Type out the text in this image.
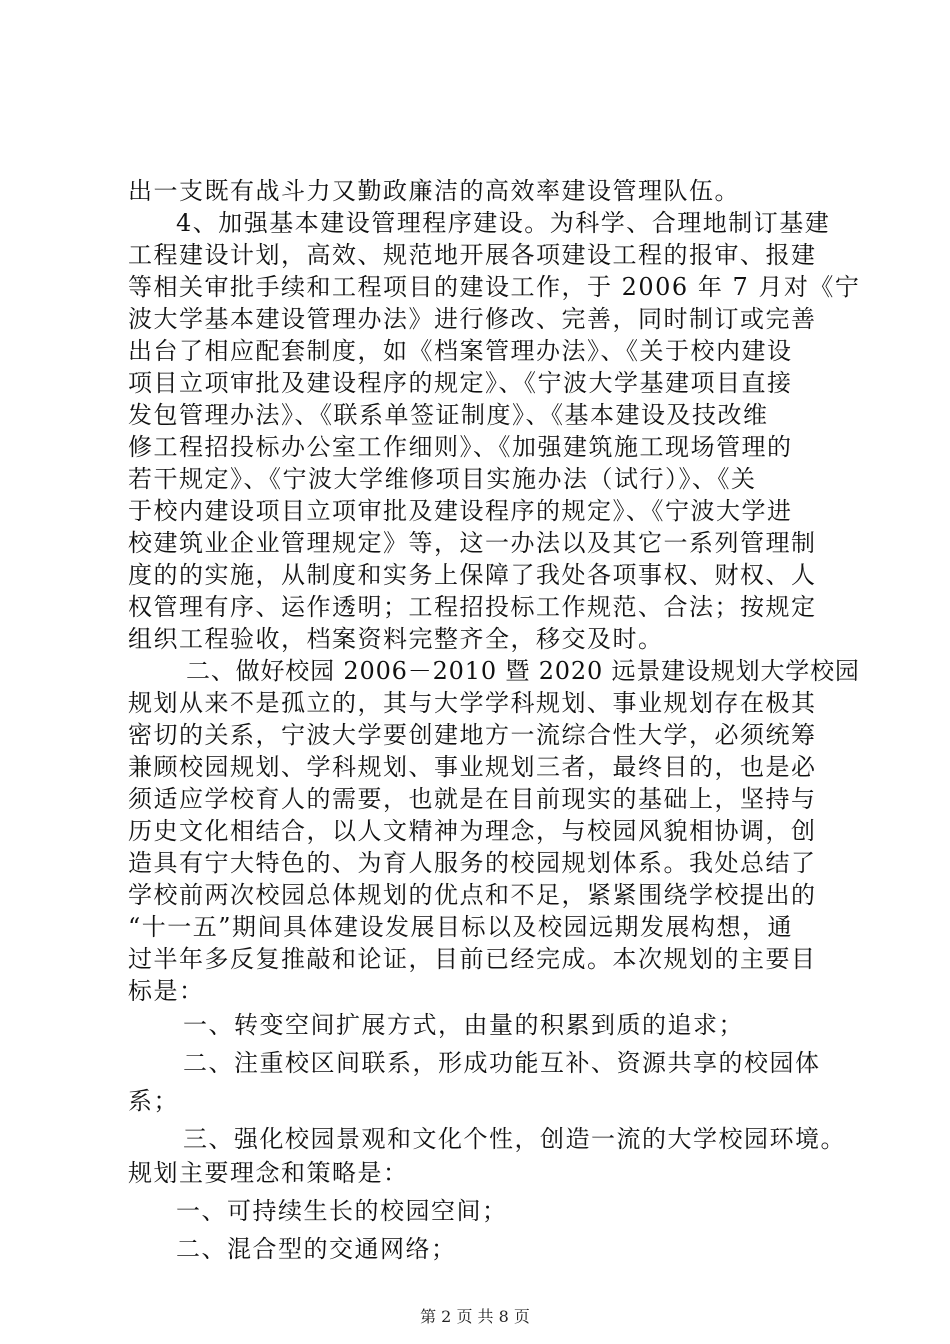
出一支既有战斗力又勤政廉洁的高效率建设管理队伍。
4、加强基本建设管理程序建设。为科学、合理地制订基建
工程建设计划，高效、规范地开展各项建设工程的报审、报建
等相关审批手续和工程项目的建设工作，于 2006 年 7 月对《宁
波大学基本建设管理办法》进行修改、完善，同时制订或完善
出台了相应配套制度，如《档案管理办法》、《关于校内建设
项目立项审批及建设程序的规定》、《宁波大学基建项目直接
发包管理办法》、《联系单签证制度》、《基本建设及技改维
修工程招投标办公室工作细则》、《加强建筑施工现场管理的
若干规定》、《宁波大学维修项目实施办法（试行）》、《关
于校内建设项目立项审批及建设程序的规定》、《宁波大学进
校建筑业企业管理规定》等，这一办法以及其它一系列管理制
度的的实施，从制度和实务上保障了我处各项事权、财权、人
权管理有序、运作透明；工程招投标工作规范、合法；按规定
组织工程验收，档案资料完整齐全，移交及时。
二、做好校园 2006－2010 暨 2020 远景建设规划大学校园
规划从来不是孤立的，其与大学学科规划、事业规划存在极其
密切的关系，宁波大学要创建地方一流综合性大学，必须统筹
兼顾校园规划、学科规划、事业规划三者，最终目的，也是必
须适应学校育人的需要，也就是在目前现实的基础上，坚持与
历史文化相结合，以人文精神为理念，与校园风貌相协调，创
造具有宁大特色的、为育人服务的校园规划体系。我处总结了
学校前两次校园总体规划的优点和不足，紧紧围绕学校提出的
“十一五”期间具体建设发展目标以及校园远期发展构想，通
过半年多反复推敲和论证，目前已经完成。本次规划的主要目
标是：
一、转变空间扩展方式，由量的积累到质的追求；
二、注重校区间联系，形成功能互补、资源共享的校园体
系；
三、强化校园景观和文化个性，创造一流的大学校园环境。
规划主要理念和策略是：
一、可持续生长的校园空间；
二、混合型的交通网络；
第 2 页 共 8 页
